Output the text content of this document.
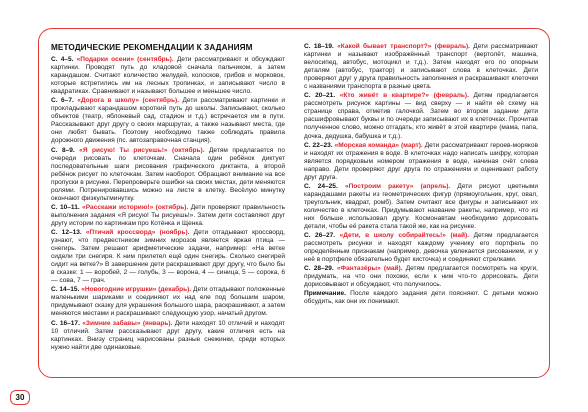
МЕТОДИЧЕСКИЕ РЕКОМЕНДАЦИИ К ЗАДАНИЯМ

С. 4–5. «Подарки осени» (сентябрь). Дети рассматривают и обсуждают картинки. Проводят путь до кладовой сначала пальчиком, а затем карандашом. Считают количество желудей, колосков, грибов и морковок, которые встретились им на лесных тропинках, и записывают число в квадратиках. Сравнивают и называют большее и меньшее число.

С. 6–7. «Дорога в школу» (сентябрь). Дети рассматривают картинки и прокладывают карандашом короткий путь до школы. Записывают, сколько объектов (театр, яблоневый сад, стадион и т.д.) встречается им в пути. Рассказывают друг другу о своих маршрутах, а также называют места, где они любят бывать. Поэтому необходимо также соблюдать правила дорожного движения (пс. автозаправочная станция).

С. 8–9. «Я рисую! Ты рисуешь!» (октябрь). Детям предлагается по очереди рисовать по клеточкам. Сначала один ребёнок диктует последовательные шаги рисования графического диктанта, а второй ребёнок рисует по клеточкам. Затем наоборот. Обращают внимание на все пропуски в рисунке. Перепроверьте ошибки на своих местах, дети меняются ролями. Потренировавшись можно на листе в клетку. Весёлую минутку окончают физкультминутку.

С. 10–11. «Расскажи историю!» (октябрь). Дети проверяют правильность выполнения задания «Я рисую! Ты рисуешь!». Затем дети составляют друг другу истории по картинкам про Котёнка и Щенка.

С. 12–13. «Птичий кроссворд» (ноябрь). Дети отгадывают кроссворд, узнают, что предвестником зимних морозов является яркая птица — снегирь. Затем решают арифметические задачи, например: «На ветке сидели три снегиря. К ним прилетел ещё один снегирь. Сколько снегирей сидит на ветке?» В завершение дети раскрашивают друг другу, что было бы в сказке: 1 — воробей, 2 — голубь, 3 — ворона, 4 — синица, 5 — сорока, 6 — сова, 7 — грач.

С. 14–15. «Новогодние игрушки» (декабрь). Дети отгадывают положенные маленькими шариками и соединяют их над еле под большим шаром, придумывают сказку для украшения большого шара, раскрашивают, а затем меняются местами и раскрашивают следующую узор, начатый другом.

С. 16–17. «Зимние забавы» (январь). Дети находят 10 отличий и находят 10 отличий. Затем рассказывают друг другу, какие отличия есть на картинках. Внизу страниц нарисованы разные снежинки, среди которых нужно найти две одинаковые.

С. 18–19. «Какой бывает транспорт?» (февраль). Дети рассматривают картинки и называют изображённый транспорт (вертолёт, машина, велосипед, автобус, мотоцикл и т.д.). Затем находят его по опорным деталям (автобус, трактор) и записывают слова в клеточках. Дети проверяют друг у друга правильность заполнения и раскрашивают клеточки с названиями транспорта в разные цвета.

С. 20–21. «Кто живёт в квартире?» (февраль). Детям предлагается рассмотреть рисунок картины — вид сверху — и найти её схему на странице справа, отметив галочкой. Затем во втором задании дети расшифровывают буквы и по очереди записывают их в клеточках. Прочитав полученное слово, можно отгадать, кто живёт в этой квартире (мама, папа, дочка, дедушка, бабушка и т.д.).

С. 22–23. «Морская команда» (март). Дети рассматривают героев-моряков и находят их отражения в воде. В клеточках надо написать шифру, которая является порядковым номером отражения в воде, начиная счёт слева направо. Дети проверяют друг друга по отражениям и оценивают работу друг друга.

С. 24–25. «Построим ракету» (апрель). Дети рисуют цветными карандашами ракеты из геометрических фигур (прямоугольник, круг, овал, треугольник, квадрат, ромб). Затем считают все фигуры и записывают их количество в клеточках. Придумывают название ракеты, например, что из них больше использовал другу. Космонавтам необходимо дорисовать детали, чтобы её ракета стала такой же, как на рисунке.

С. 26–27. «Дети, в школу собирайтесь!» (май). Детям предлагается рассмотреть рисунки и находят каждому ученику его портфель по определённым признакам (например, девочка увлекается рисованием, и у неё в портфеле обязательно будет кисточка) и соединяют стрелками.

С. 28–29. «Фантазёры» (май). Детям предлагается посмотреть на круги, придумать, на что они похожи, если к ним что-то дорисовать. Дети дорисовывают и обсуждают, что получилось.

Примечание. После каждого задания дети поясняют. С детьми можно обсудить, как они их понимают.

30
